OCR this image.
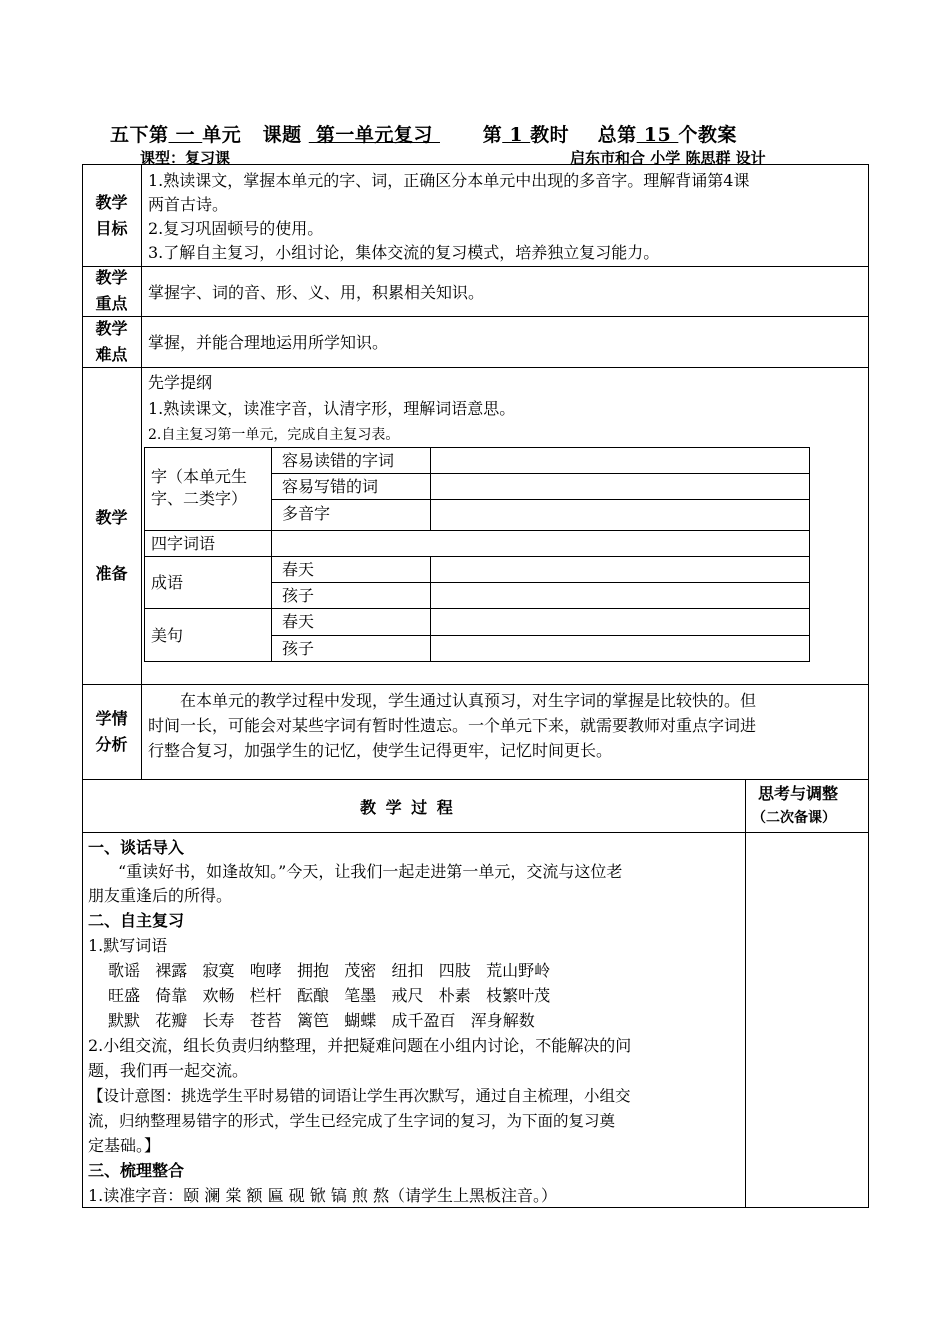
五下第 一 单元 课题  第一单元复习       第 1 教时 总第 15 个教案
课型：复习课	启东市和合 小学 陈思群 设计
教学
目标
1.熟读课文，掌握本单元的字、词，正确区分本单元中出现的多音字。理解背诵第4课
两首古诗。
2.复习巩固顿号的使用。
3.了解自主复习，小组讨论，集体交流的复习模式，培养独立复习能力。
教学
重点
掌握字、词的音、形、义、用，积累相关知识。
教学
难点
掌握，并能合理地运用所学知识。
教学
准备
先学提纲
1.熟读课文，读准字音，认清字形，理解词语意思。
2.自主复习第一单元，完成自主复习表。
字（本单元生
字、二类字）
容易读错的字词
容易写错的词
多音字
四字词语
成语
春天
孩子
美句
春天
孩子
学情
分析
在本单元的教学过程中发现，学生通过认真预习，对生字词的掌握是比较快的。但
时间一长，可能会对某些字词有暂时性遗忘。一个单元下来，就需要教师对重点字词进
行整合复习，加强学生的记忆，使学生记得更牢，记忆时间更长。
教 学 过 程
思考与调整
（二次备课）
一、谈话导入
“重读好书，如逢故知。”今天，让我们一起走进第一单元，交流与这位老
朋友重逢后的所得。
二、自主复习
1.默写词语
歌谣   裸露   寂寞   咆哮   拥抱   茂密   纽扣   四肢   荒山野岭
旺盛   倚靠   欢畅   栏杆   酝酿   笔墨   戒尺   朴素   枝繁叶茂
默默   花瓣   长寿   苍苔   篱笆   蝴蝶   成千盈百   浑身解数
2.小组交流，组长负责归纳整理，并把疑难问题在小组内讨论，不能解决的问
题，我们再一起交流。
【设计意图：挑选学生平时易错的词语让学生再次默写，通过自主梳理，小组交
流，归纳整理易错字的形式，学生已经完成了生字词的复习，为下面的复习奠
定基础。】
三、梳理整合
1.读准字音：颐 澜 棠 额 匾 砚 锨 镐 煎 熬（请学生上黑板注音。）
